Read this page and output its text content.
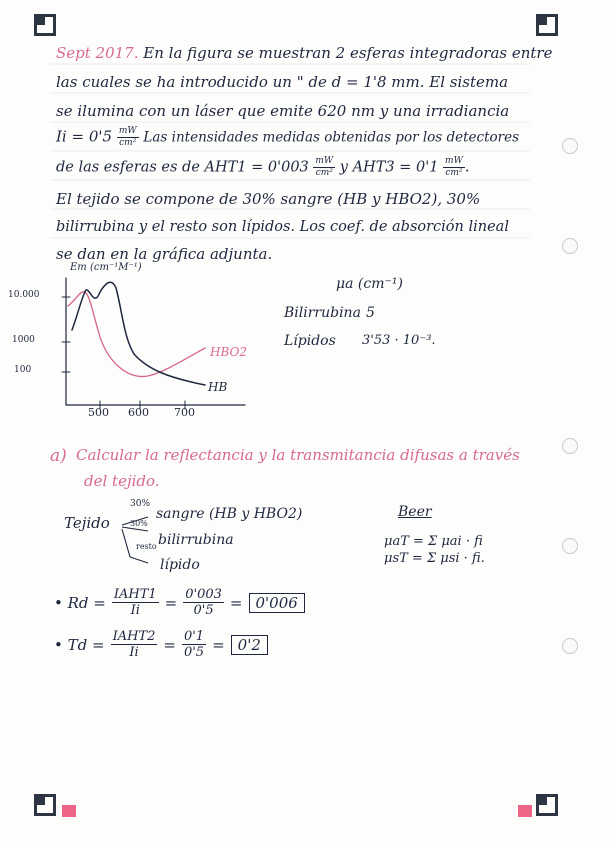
Sept 2017. En la figura se muestran 2 esferas integradoras entre
las cuales se ha introducido un " de d = 1'8 mm. El sistema
se ilumina con un láser que emite 620 nm y una irradiancia
$Ii = 0'5 \frac{mW}{\text{cm²}}$ Las intensidades medidas obtenidas por los detectores
de las esferas es de $AHT1 = 0'003 \frac{mW}{\text{cm²}}$ y $AHT3 = 0'1 \frac{mW}{\text{cm²}}$ .
El tejido se compone de 30% sangre (HB y HBO2), 30%
bilirrubina y el resto son lípidos. Los coef. de absorción lineal
se dan en la gráfica adjunta.
Em (cm⁻¹M⁻¹)
10.000
1000
100
500 600 700
HBO2
HB
μa (cm⁻¹)
Bilirrubina 5
Lípidos 3'53 · 10⁻³.
a) Calcular la reflectancia y la transmitancia difusas a través
del tejido.
Tejido
30%
30%
resto
sangre (HB y HBO2)
bilirrubina
lípido
Beer
μaT = Σ μai · fi
μsT = Σ μsi · fi.
• $Rd = \frac{\text{IAHT1}}{Ii} = \frac{0'003}{0'5} = 0'006$
• $Td = \frac{\text{IAHT2}}{Ii} = \frac{0'1}{0'5} = 0'2$
